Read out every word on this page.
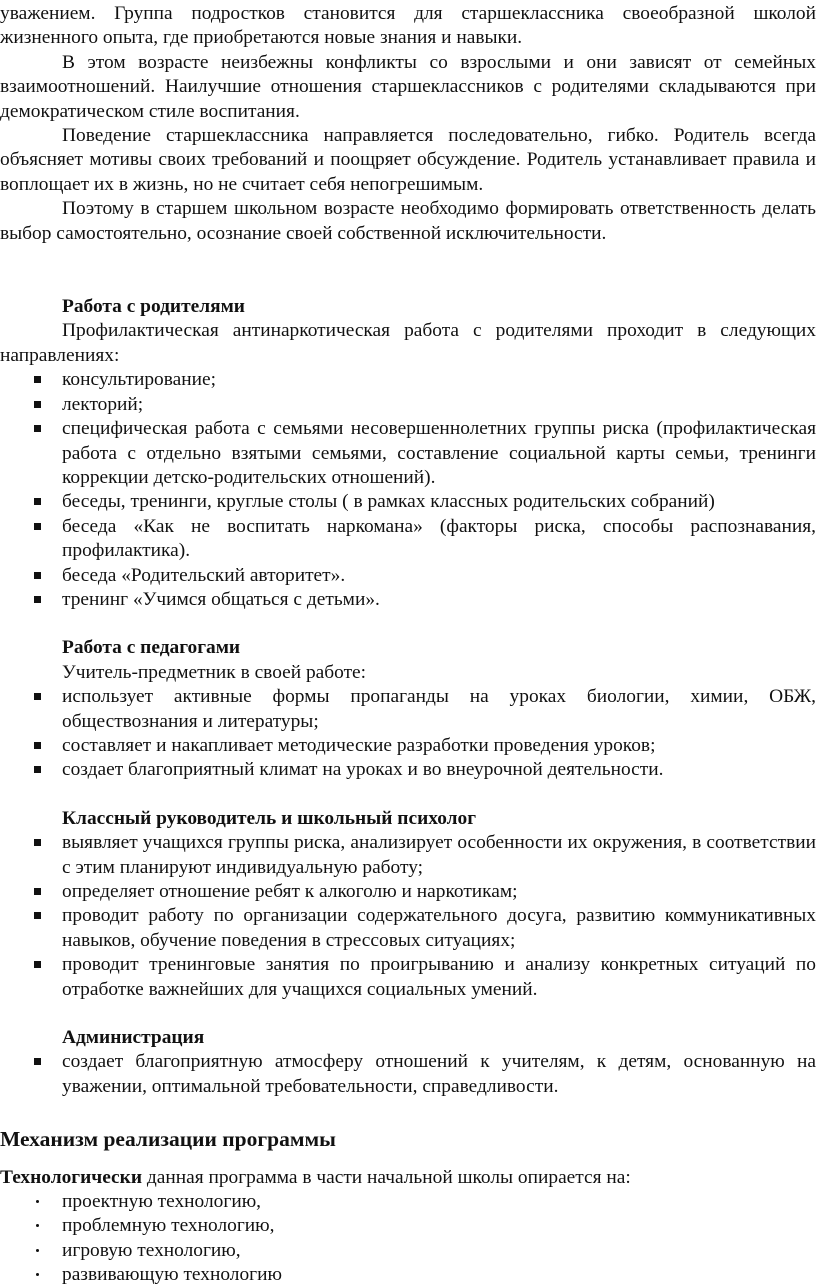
уважением. Группа подростков становится для старшеклассника своеобразной школой жизненного опыта, где приобретаются новые знания и навыки.

В этом возрасте неизбежны конфликты со взрослыми и они зависят от семейных взаимоотношений. Наилучшие отношения старшеклассников с родителями складываются при демократическом стиле воспитания.

Поведение старшеклассника направляется последовательно, гибко. Родитель всегда объясняет мотивы своих требований и поощряет обсуждение. Родитель устанавливает правила и воплощает их в жизнь, но не считает себя непогрешимым.

Поэтому в старшем школьном возрасте необходимо формировать ответственность делать выбор самостоятельно, осознание своей собственной исключительности.

Работа с родителями

Профилактическая антинаркотическая работа с родителями проходит в следующих направлениях:

консультирование;
лекторий;
специфическая работа с семьями несовершеннолетних группы риска (профилактическая работа с отдельно взятыми семьями, составление социальной карты семьи, тренинги коррекции детско-родительских отношений).
беседы, тренинги, круглые столы ( в рамках классных родительских собраний)
беседа «Как не воспитать наркомана» (факторы риска, способы распознавания, профилактика).
беседа «Родительский авторитет».
тренинг «Учимся общаться с детьми».

Работа с педагогами

Учитель-предметник в своей работе:

использует активные формы пропаганды на уроках биологии, химии, ОБЖ, обществознания и литературы;
составляет и накапливает методические разработки проведения уроков;
создает благоприятный климат на уроках и во внеурочной деятельности.

Классный руководитель и школьный психолог

выявляет учащихся группы риска, анализирует особенности их окружения, в соответствии с этим планируют индивидуальную работу;
определяет отношение ребят к алкоголю и наркотикам;
проводит работу по организации содержательного досуга, развитию коммуникативных навыков, обучение поведения в стрессовых ситуациях;
проводит тренинговые занятия по проигрыванию и анализу конкретных ситуаций по отработке важнейших для учащихся социальных умений.

Администрация

создает благоприятную атмосферу отношений к учителям, к детям, основанную на уважении, оптимальной требовательности, справедливости.

Механизм реализации программы

Технологически данная программа в части начальной школы опирается на:

проектную технологию,
проблемную технологию,
игровую технологию,
развивающую технологию
